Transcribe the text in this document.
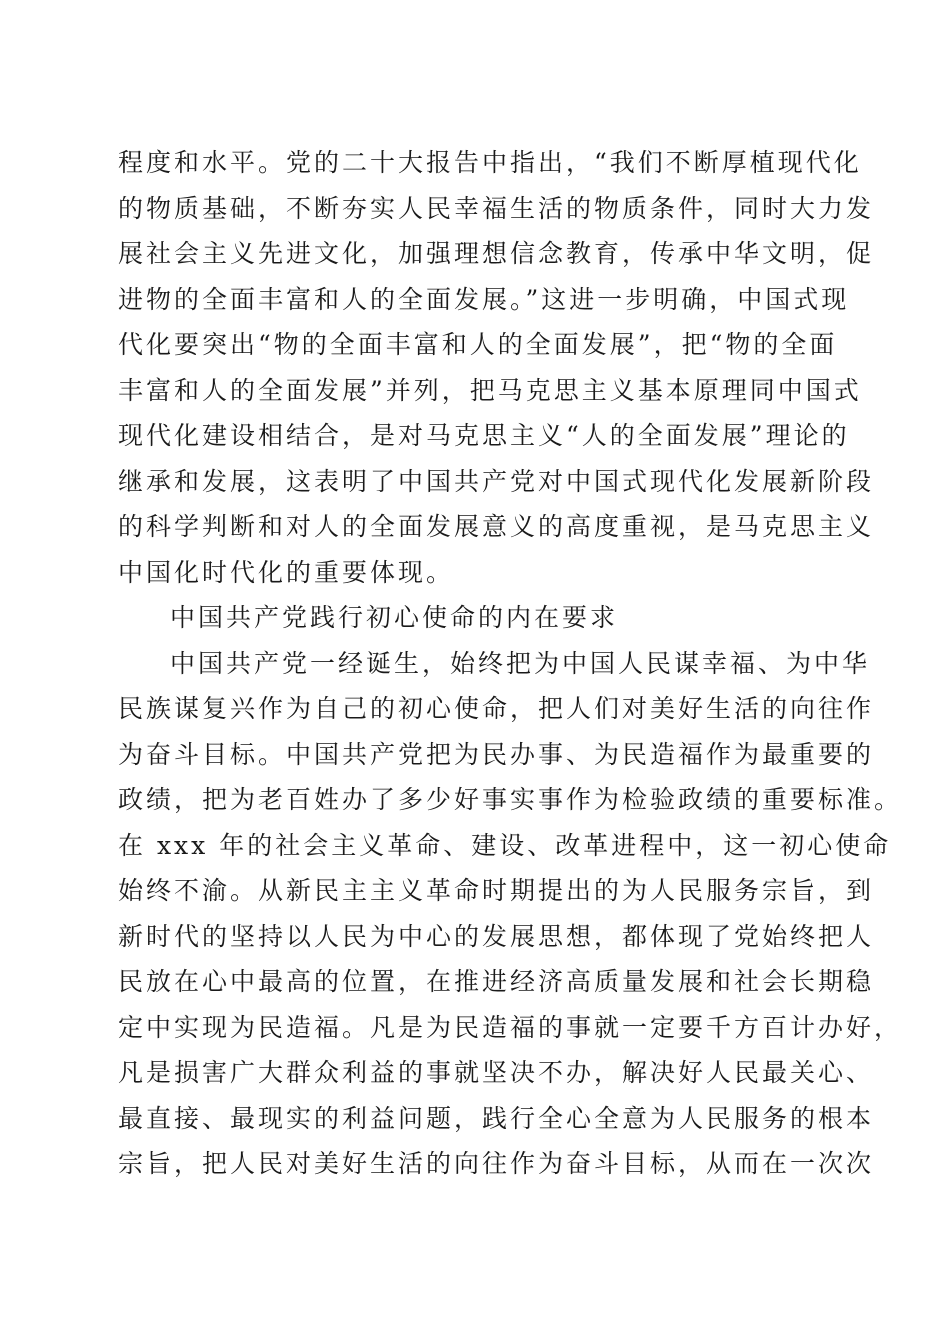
程度和水平。党的二十大报告中指出，“我们不断厚植现代化
的物质基础，不断夯实人民幸福生活的物质条件，同时大力发
展社会主义先进文化，加强理想信念教育，传承中华文明，促
进物的全面丰富和人的全面发展。”这进一步明确，中国式现
代化要突出“物的全面丰富和人的全面发展”，把“物的全面
丰富和人的全面发展”并列，把马克思主义基本原理同中国式
现代化建设相结合，是对马克思主义“人的全面发展”理论的
继承和发展，这表明了中国共产党对中国式现代化发展新阶段
的科学判断和对人的全面发展意义的高度重视，是马克思主义
中国化时代化的重要体现。
中国共产党践行初心使命的内在要求
中国共产党一经诞生，始终把为中国人民谋幸福、为中华
民族谋复兴作为自己的初心使命，把人们对美好生活的向往作
为奋斗目标。中国共产党把为民办事、为民造福作为最重要的
政绩，把为老百姓办了多少好事实事作为检验政绩的重要标准。
在 xxx 年的社会主义革命、建设、改革进程中，这一初心使命
始终不渝。从新民主主义革命时期提出的为人民服务宗旨，到
新时代的坚持以人民为中心的发展思想，都体现了党始终把人
民放在心中最高的位置，在推进经济高质量发展和社会长期稳
定中实现为民造福。凡是为民造福的事就一定要千方百计办好，
凡是损害广大群众利益的事就坚决不办，解决好人民最关心、
最直接、最现实的利益问题，践行全心全意为人民服务的根本
宗旨，把人民对美好生活的向往作为奋斗目标，从而在一次次
